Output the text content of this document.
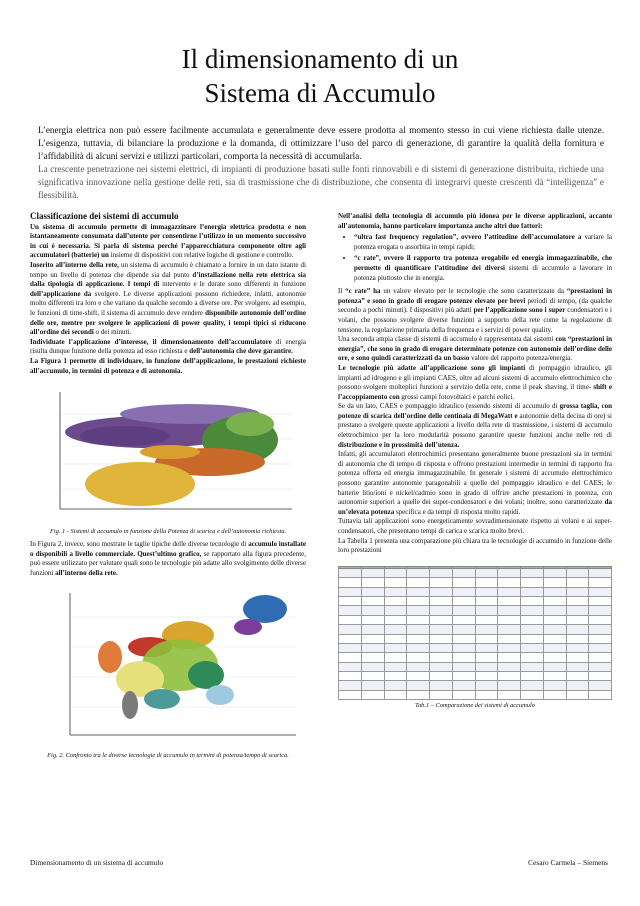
Il dimensionamento di un
Sistema di Accumulo

L’energia elettrica non può essere facilmente accumulata e generalmente deve essere prodotta al momento stesso in cui viene richiesta dalle utenze. L’esigenza, tuttavia, di bilanciare la produzione e la domanda, di ottimizzare l’uso del parco di generazione, di garantire la qualità della fornitura e l’affidabilità di alcuni servizi e utilizzi particolari, comporta la necessità di accumularla.

La crescente penetrazione nei sistemi elettrici, di impianti di produzione basati sulle fonti rinnovabili e di sistemi di generazione distribuita, richiede una significativa innovazione nella gestione delle reti, sia di trasmissione che di distribuzione, che consenta di integrarvi queste crescenti dà “intelligenza” e flessibilità.

Classificazione dei sistemi di accumulo

Un sistema di accumulo permette di immagazzinare l’energia elettrica prodotta e non istantaneamente consumata dall’utente per consentirne l’utilizzo in un momento successivo in cui è necessaria. Si parla di sistema perché l’apparecchiatura componente oltre agli accumulatori (batterie) un insieme di dispositivi con relative logiche di gestione e controllo.

Inserito all’interno della rete, un sistema di accumulo è chiamato a fornire in un dato istante di tempo un livello di potenza che dipende sia dal punto d’installazione nella rete elettrica sia dalla tipologia di applicazione. I tempi di intervento e le durate sono differenti in funzione dell’applicazione da svolgere. Le diverse applicazioni possono richiedere, infatti, autonomie molto differenti tra loro e che variano da qualche secondo a diverse ore. Per svolgere, ad esempio, le funzioni di time-shift, il sistema di accumulo deve rendere disponibile autonomie dell’ordine delle ore, mentre per svolgere le applicazioni di power quality, i tempi tipici si riducono all’ordine dei secondi o dei minuti.

Individuate l’applicazione d’interesse, il dimensionamento dell’accumulatore di energia risulta dunque funzione della potenza ad esso richiesta e dell’autonomia che deve garantire.

La Figura 1 permette di individuare, in funzione dell’applicazione, le prestazioni richieste all’accumulo, in termini di potenza e di autonomia.

Fig. 1 - Sistemi di accumulo in funzione della Potenza di scarica e dell’autonomia richiesta.

In Figura 2, invece, sono mostrate le taglie tipiche delle diverse tecnologie di accumulo installate o disponibili a livello commerciale. Quest’ultimo grafico, se rapportato alla figura precedente, può essere utilizzato per valutare quali sono le tecnologie più adatte allo svolgimento delle diverse funzioni all’interno della rete.

Fig. 2. Confronto tra le diverse tecnologie di accumulo in termini di potenza/tempo di scarica.

Nell’analisi della tecnologia di accumulo più idonea per le diverse applicazioni, accanto all’autonomia, hanno particolare importanza anche altri due fattori:

• “ultra fast frequency regulation”, ovvero l’attitudine dell’accumulatore a variare la potenza erogata o assorbita in tempi rapidi;
• “c rate”, ovvero il rapporto tra potenza erogabile ed energia immagazzinabile, che permette di quantificare l’attitudine dei diversi sistemi di accumulo a lavorare in potenza piuttosto che in energia.

Il “c rate” ha un valore elevato per le tecnologie che sono caratterizzate da “prestazioni in potenza” e sono in grado di erogare potenze elevate per brevi periodi di tempo, (da qualche secondo a pochi minuti). I dispositivi più adatti per l’applicazione sono i super condensatori e i volani, che possono svolgere diverse funzioni a supporto della rete come la regolazione di tensione, la regolazione primaria della frequenza e i servizi di power quality.

Una seconda ampia classe di sistemi di accumulo è rappresentata dai sistemi con “prestazioni in energia”, che sono in grado di erogare determinate potenze con autonomie dell’ordine delle ore, e sono quindi caratterizzati da un basso valore del rapporto potenza/energia.

Le tecnologie più adatte all’applicazione sono gli impianti di pompaggio idraulico, gli impianti ad idrogeno e gli impianti CAES, oltre ad alcuni sistemi di accumulo elettrochimico che possono svolgere molteplici funzioni a servizio della rete, come il peak shaving, il time- shift e l’accoppiamento con grossi campi fotovoltaici e parchi eolici.

Se da un lato, CAES e pompaggio idraulico (essendo sistemi di accumulo di grossa taglia, con potenze di scarica dell’ordine delle centinaia di MegaWatt e autonomie della decina di ore) si prestano a svolgere queste applicazioni a livello della rete di trasmissione, i sistemi di accumulo elettrochimico per la loro modularità possono garantire queste funzioni anche nelle reti di distribuzione e in prossimità dell’utenza.

Infatti, gli accumulatori elettrochimici presentano generalmente buone prestazioni sia in termini di autonomia che di tempo di risposta e offrono prestazioni intermedie in termini di rapporto fra potenza offerta ed energia immagazzinabile. In generale i sistemi di accumulo elettrochimico possono garantire autonomie paragonabili a quelle del pompaggio idraulico e del CAES; le batterie litio/ioni e nickel/cadmio sono in grado di offrire anche prestazioni in potenza, con autonomie superiori a quelle dei super-condensatori e dei volani; inoltre, sono caratterizzate da un’elevata potenza specifica e da tempi di risposta molto rapidi.

Tuttavia tali applicazioni sono energeticamente sovradimensionate rispetto ai volani e ai super-condensatori, che presentano tempi di carica e scarica molto brevi.

La Tabella 1 presenta una comparazione più chiara tra le tecnologie di accumulo in funzione delle loro prestazioni

Tab.1 – Comparazione dei sistemi di accumulo
Dimensionamento di un sistema di accumulo	Cesaro Carmela – Siemens
